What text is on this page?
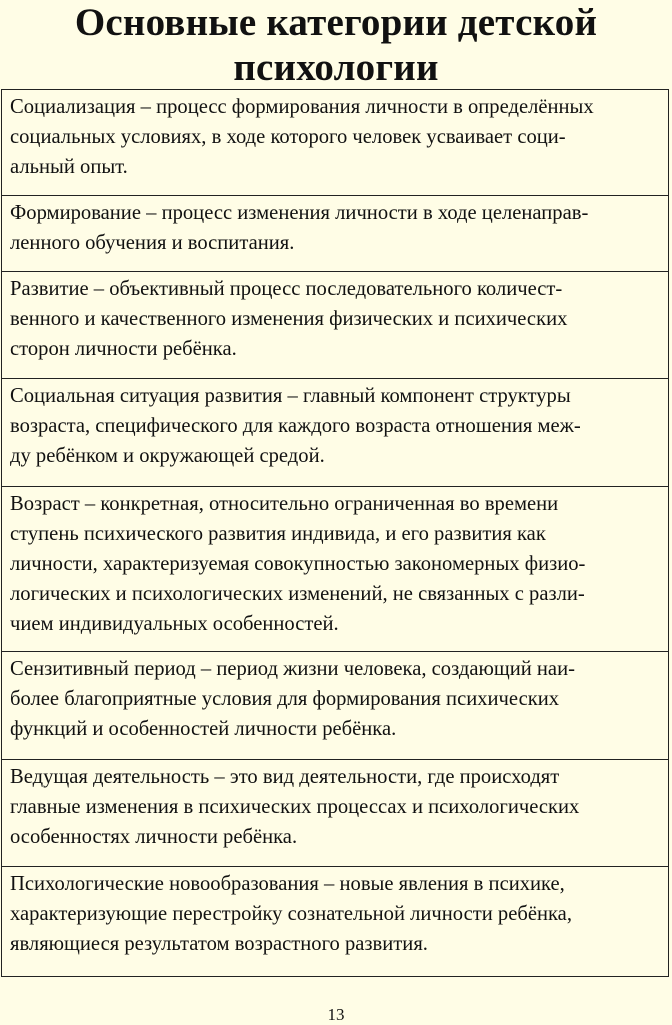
Основные категории детской
психологии
Социализация – процесс формирования личности в определённых
социальных условиях, в ходе которого человек усваивает соци-
альный опыт.
Формирование – процесс изменения личности в ходе целенаправ-
ленного обучения и воспитания.
Развитие – объективный процесс последовательного количест-
венного и качественного изменения физических и психических
сторон личности ребёнка.
Социальная ситуация развития – главный компонент структуры
возраста, специфического для каждого возраста отношения меж-
ду ребёнком и окружающей средой.
Возраст – конкретная, относительно ограниченная во времени
ступень психического развития индивида, и его развития как
личности, характеризуемая совокупностью закономерных физио-
логических и психологических изменений, не связанных с разли-
чием индивидуальных особенностей.
Сензитивный период – период жизни человека, создающий наи-
более благоприятные условия для формирования психических
функций и особенностей личности ребёнка.
Ведущая деятельность – это вид деятельности, где происходят
главные изменения в психических процессах и психологических
особенностях личности ребёнка.
Психологические новообразования – новые явления в психике,
характеризующие перестройку сознательной личности ребёнка,
являющиеся результатом возрастного развития.
13
